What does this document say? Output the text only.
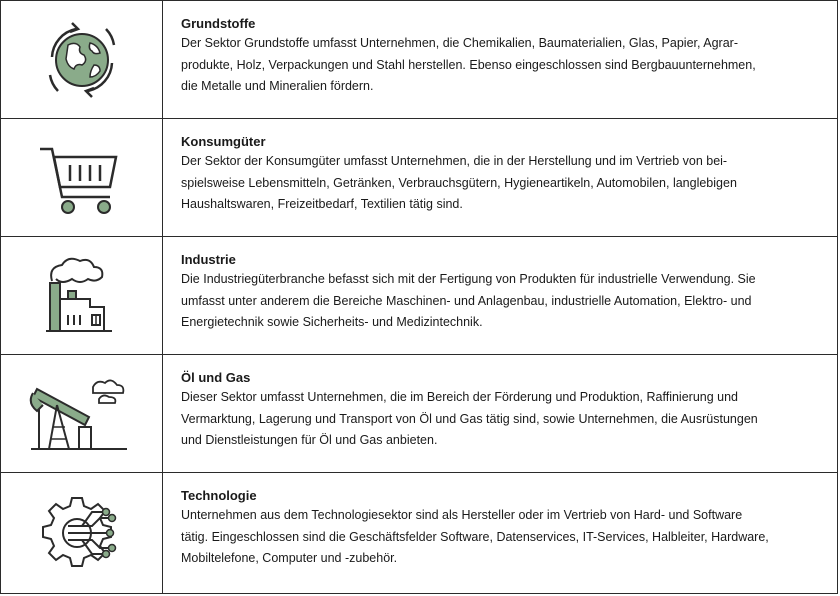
Grundstoffe

Der Sektor Grundstoffe umfasst Unternehmen, die Chemikalien, Baumaterialien, Glas, Papier, Agrar-
produkte, Holz, Verpackungen und Stahl herstellen. Ebenso eingeschlossen sind Bergbauunternehmen,
die Metalle und Mineralien fördern.

Konsumgüter

Der Sektor der Konsumgüter umfasst Unternehmen, die in der Herstellung und im Vertrieb von bei-
spielsweise Lebensmitteln, Getränken, Verbrauchsgütern, Hygieneartikeln, Automobilen, langlebigen
Haushaltswaren, Freizeitbedarf, Textilien tätig sind.

Industrie

Die Industriegüterbranche befasst sich mit der Fertigung von Produkten für industrielle Verwendung. Sie
umfasst unter anderem die Bereiche Maschinen- und Anlagenbau, industrielle Automation, Elektro- und
Energietechnik sowie Sicherheits- und Medizintechnik.

Öl und Gas

Dieser Sektor umfasst Unternehmen, die im Bereich der Förderung und Produktion, Raffinierung und
Vermarktung, Lagerung und Transport von Öl und Gas tätig sind, sowie Unternehmen, die Ausrüstungen
und Dienstleistungen für Öl und Gas anbieten.

Technologie

Unternehmen aus dem Technologiesektor sind als Hersteller oder im Vertrieb von Hard- und Software
tätig. Eingeschlossen sind die Geschäftsfelder Software, Datenservices, IT-Services, Halbleiter, Hardware,
Mobiltelefone, Computer und -zubehör.
